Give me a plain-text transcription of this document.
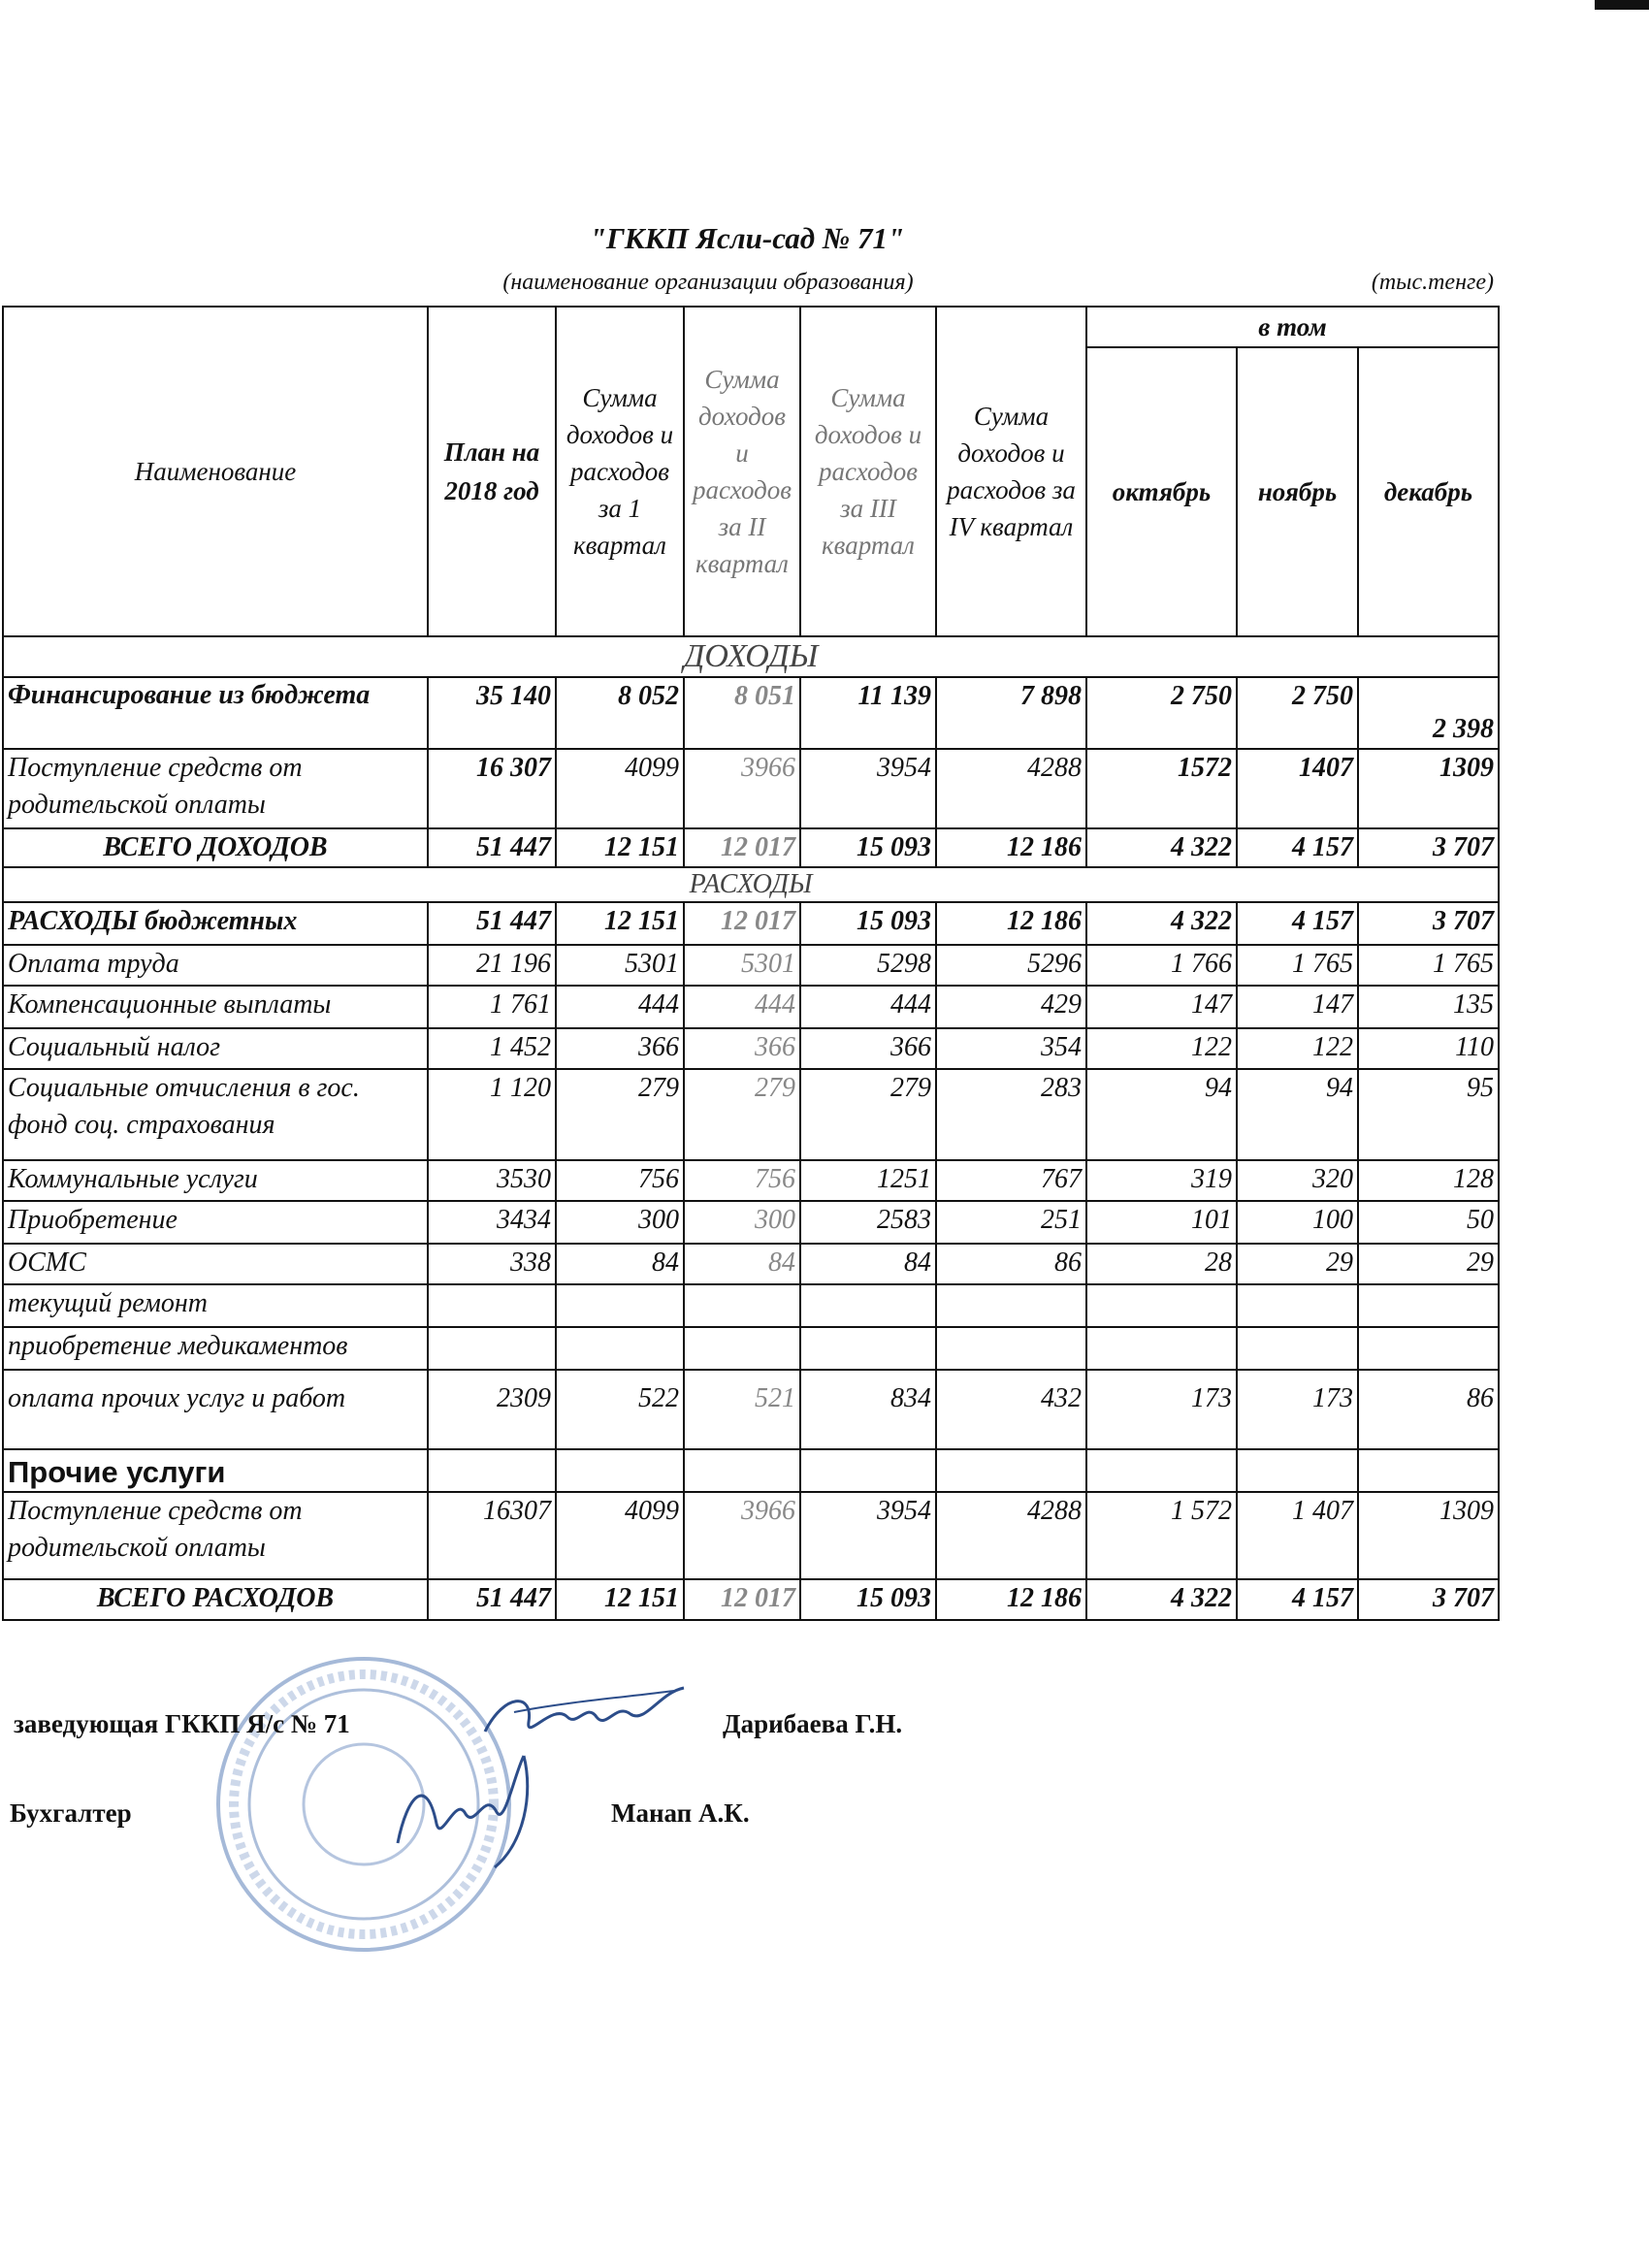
"ГККП Ясли-сад № 71"
(наименование организации образования)	(тыс.тенге)
Наименование	План на 2018 год	Сумма доходов и расходов за 1 квартал	Сумма доходов и расходов за II квартал	Сумма доходов и расходов за III квартал	Сумма доходов и расходов за IV квартал	в том		
						октябрь	ноябрь	декабрь
ДОХОДЫ								
Финансирование из бюджета	35 140	8 052	8 051	11 139	7 898	2 750	2 750	2 398
Поступление средств от родительской оплаты	16 307	4099	3966	3954	4288	1572	1407	1309
ВСЕГО ДОХОДОВ	51 447	12 151	12 017	15 093	12 186	4 322	4 157	3 707
РАСХОДЫ								
РАСХОДЫ бюджетных	51 447	12 151	12 017	15 093	12 186	4 322	4 157	3 707
Оплата труда	21 196	5301	5301	5298	5296	1 766	1 765	1 765
Компенсационные выплаты	1 761	444	444	444	429	147	147	135
Социальный налог	1 452	366	366	366	354	122	122	110
Социальные отчисления в гос. фонд соц. страхования	1 120	279	279	279	283	94	94	95
Коммунальные услуги	3530	756	756	1251	767	319	320	128
Приобретение	3434	300	300	2583	251	101	100	50
ОСМС	338	84	84	84	86	28	29	29
текущий ремонт								
приобретение медикаментов								
оплата прочих услуг и работ	2309	522	521	834	432	173	173	86
Прочие услуги								
Поступление средств от родительской оплаты	16307	4099	3966	3954	4288	1 572	1 407	1309
ВСЕГО РАСХОДОВ	51 447	12 151	12 017	15 093	12 186	4 322	4 157	3 707
заведующая ГККП Я/с № 71	Дарибаева Г.Н.
Бухгалтер	Манап А.К.
